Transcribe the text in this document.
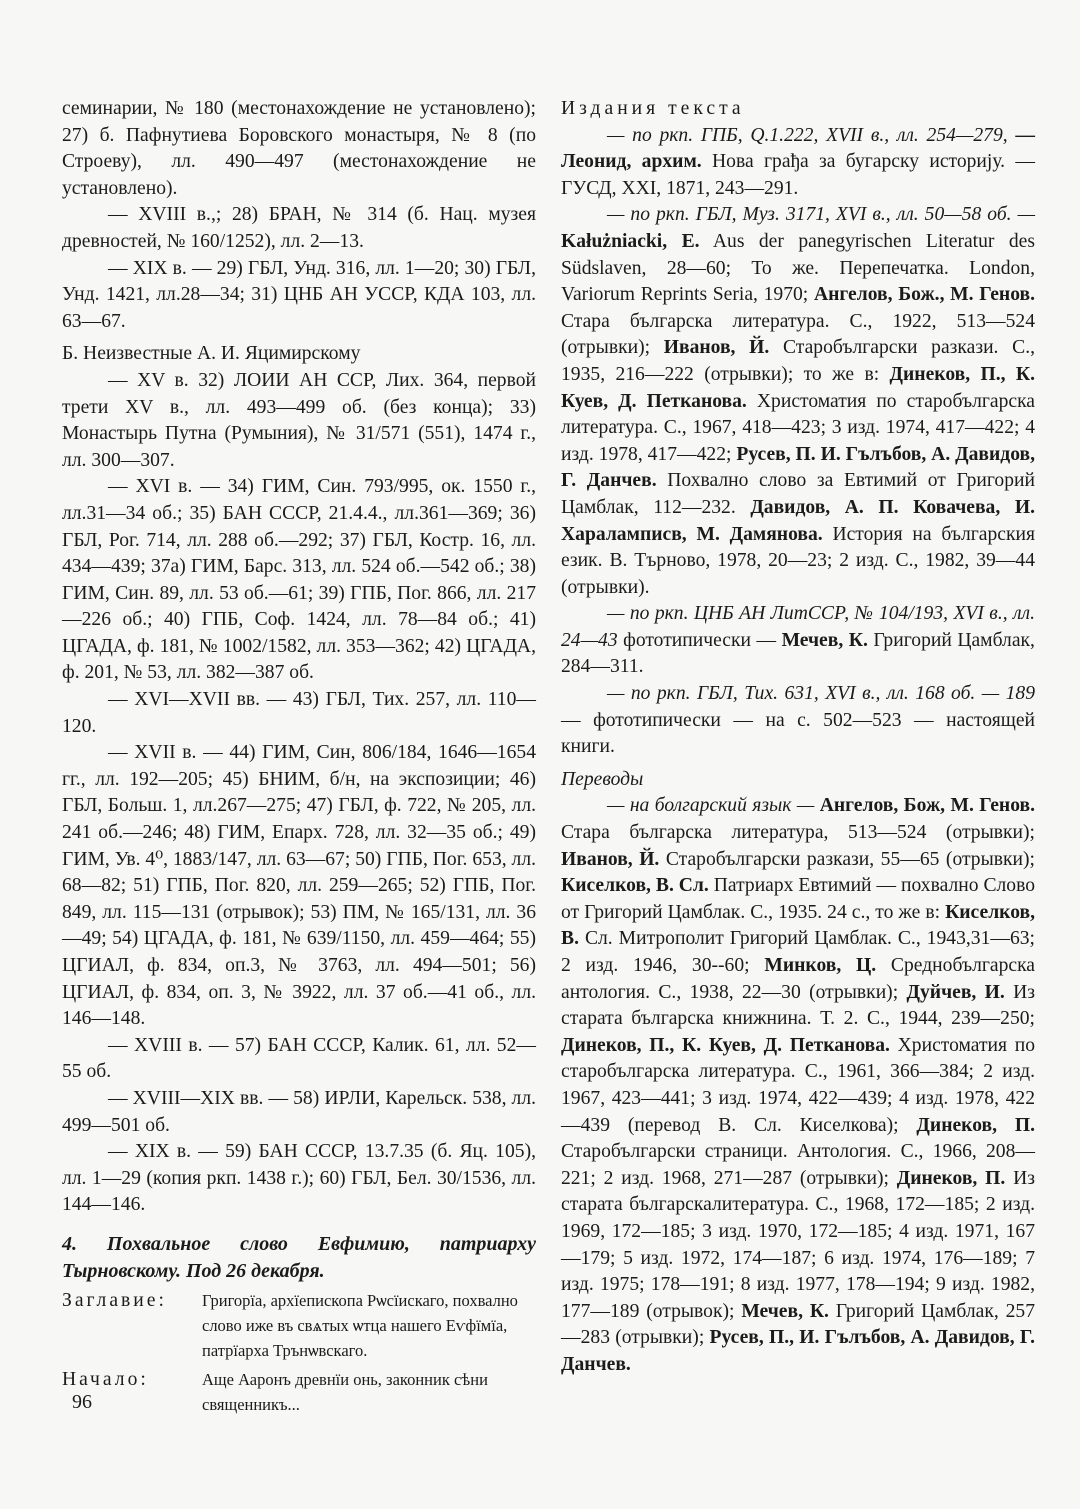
семинарии, № 180 (местонахождение не установлено); 27) б. Пафнутиева Боровского монастыря, № 8 (по Строеву), лл. 490—497 (местонахождение не установлено).

— XVIII в.,; 28) БРАН, № 314 (б. Нац. музея древностей, № 160/1252), лл. 2—13.

— XIX в. — 29) ГБЛ, Унд. 316, лл. 1—20; 30) ГБЛ, Унд. 1421, лл.28—34; 31) ЦНБ АН УССР, КДА 103, лл. 63—67.

Б. Неизвестные А. И. Яцимирскому

— XV в. 32) ЛОИИ АН ССР, Лих. 364, первой трети XV в., лл. 493—499 об. (без конца); 33) Монастырь Путна (Румыния), № 31/571 (551), 1474 г., лл. 300—307.

— XVI в. — 34) ГИМ, Син. 793/995, ок. 1550 г., лл.31—34 об.; 35) БАН СССР, 21.4.4., лл.361—369; 36) ГБЛ, Рог. 714, лл. 288 об.—292; 37) ГБЛ, Костр. 16, лл. 434—439; 37а) ГИМ, Барс. 313, лл. 524 об.—542 об.; 38) ГИМ, Син. 89, лл. 53 об.—61; 39) ГПБ, Пог. 866, лл. 217—226 об.; 40) ГПБ, Соф. 1424, лл. 78—84 об.; 41) ЦГАДА, ф. 181, № 1002/1582, лл. 353—362; 42) ЦГАДА, ф. 201, № 53, лл. 382—387 об.

— XVI—XVII вв. — 43) ГБЛ, Тих. 257, лл. 110—120.

— XVII в. — 44) ГИМ, Син, 806/184, 1646—1654 гг., лл. 192—205; 45) БНИМ, б/н, на экспозиции; 46) ГБЛ, Больш. 1, лл.267—275; 47) ГБЛ, ф. 722, № 205, лл. 241 об.—246; 48) ГИМ, Епарх. 728, лл. 32—35 об.; 49) ГИМ, Ув. 4⁰, 1883/147, лл. 63—67; 50) ГПБ, Пог. 653, лл. 68—82; 51) ГПБ, Пог. 820, лл. 259—265; 52) ГПБ, Пог. 849, лл. 115—131 (отрывок); 53) ПМ, № 165/131, лл. 36—49; 54) ЦГАДА, ф. 181, № 639/1150, лл. 459—464; 55) ЦГИАЛ, ф. 834, оп.3, № 3763, лл. 494—501; 56) ЦГИАЛ, ф. 834, оп. 3, № 3922, лл. 37 об.—41 об., лл. 146—148.

— XVIII в. — 57) БАН СССР, Калик. 61, лл. 52—55 об.

— XVIII—XIX вв. — 58) ИРЛИ, Карельск. 538, лл. 499—501 об.

— XIX в. — 59) БАН СССР, 13.7.35 (б. Яц. 105), лл. 1—29 (копия ркп. 1438 г.); 60) ГБЛ, Бел. 30/1536, лл. 144—146.

4. Похвальное слово Евфимию, патриарху Тырновскому. Под 26 декабря.

Заглавие:	Григорїа, архїепископа Рѡсїискаго, похвално слово иже въ свѧтых ѡтца нашего Еѵфїмїа, патрїарха Трънѡвскаго.
Начало:	Аще Ааронъ древнїи онь, законник сѣни священникъ...

Издания текста

— по ркп. ГПБ, Q.1.222, XVII в., лл. 254—279, — Леонид, архим. Нова грађа за бугарску историју. — ГУСД, XXI, 1871, 243—291.

— по ркп. ГБЛ, Муз. 3171, XVI в., лл. 50—58 об. — Kałużniacki, E. Aus der panegyrischen Literatur des Südslaven, 28—60; То же. Перепечатка. London, Variorum Reprints Seria, 1970; Ангелов, Бож., М. Генов. Стара българска литература. С., 1922, 513—524 (отрывки); Иванов, Й. Старобългарски разкази. С., 1935, 216—222 (отрывки); то же в: Динеков, П., К. Куев, Д. Петканова. Христоматия по старобългарска литература. С., 1967, 418—423; 3 изд. 1974, 417—422; 4 изд. 1978, 417—422; Русев, П. И. Гълъбов, А. Давидов, Г. Данчев. Похвално слово за Евтимий от Григорий Цамблак, 112—232. Давидов, А. П. Ковачева, И. Хараламписв, М. Дамянова. История на българския език. В. Търново, 1978, 20—23; 2 изд. С., 1982, 39—44 (отрывки).

— по ркп. ЦНБ АН ЛитССР, № 104/193, XVI в., лл. 24—43 фототипически — Мечев, К. Григорий Цамблак, 284—311.

— по ркп. ГБЛ, Тих. 631, XVI в., лл. 168 об. — 189 — фототипически — на с. 502—523 — настоящей книги.

Переводы

— на болгарский язык — Ангелов, Бож, М. Генов. Стара българска литература, 513—524 (отрывки); Иванов, Й. Старобългарски разкази, 55—65 (отрывки); Киселков, В. Сл. Патриарх Евтимий — похвално Слово от Григорий Цамблак. С., 1935. 24 с., то же в: Киселков, В. Сл. Митрополит Григорий Цамблак. С., 1943,31—63; 2 изд. 1946, 30--60; Минков, Ц. Среднобългарска антология. С., 1938, 22—30 (отрывки); Дуйчев, И. Из старата българска книжнина. Т. 2. С., 1944, 239—250; Динеков, П., К. Куев, Д. Петканова. Христоматия по старобългарска литература. С., 1961, 366—384; 2 изд. 1967, 423—441; 3 изд. 1974, 422—439; 4 изд. 1978, 422—439 (перевод В. Сл. Киселкова); Динеков, П. Старобългарски страници. Антология. С., 1966, 208—221; 2 изд. 1968, 271—287 (отрывки); Динеков, П. Из старата българскалитература. С., 1968, 172—185; 2 изд. 1969, 172—185; 3 изд. 1970, 172—185; 4 изд. 1971, 167—179; 5 изд. 1972, 174—187; 6 изд. 1974, 176—189; 7 изд. 1975; 178—191; 8 изд. 1977, 178—194; 9 изд. 1982, 177—189 (отрывок); Мечев, К. Григорий Цамблак, 257—283 (отрывки); Русев, П., И. Гълъбов, А. Давидов, Г. Данчев.

96
